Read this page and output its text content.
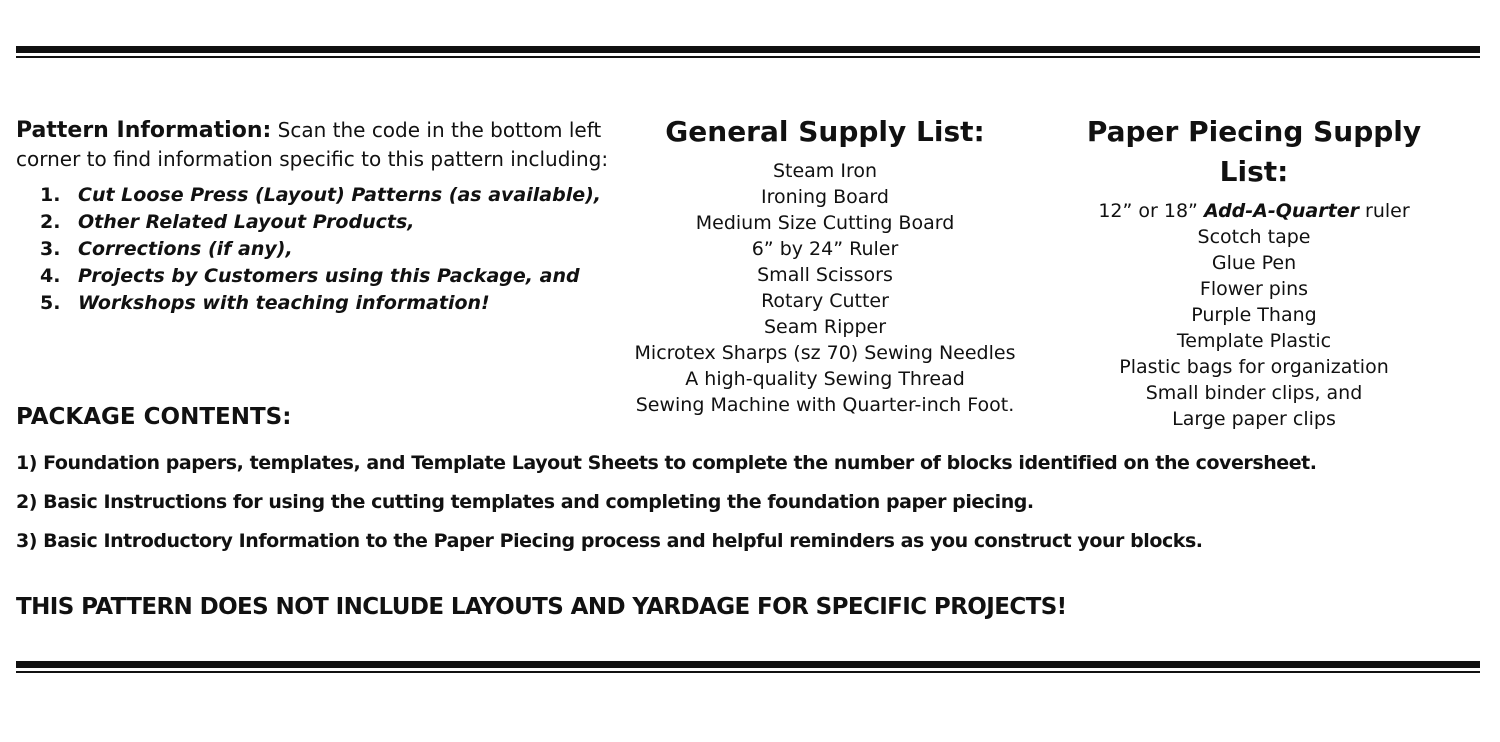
Pattern Information: Scan the code in the bottom left corner to find information specific to this pattern including:
1. Cut Loose Press (Layout) Patterns (as available),
2. Other Related Layout Products,
3. Corrections (if any),
4. Projects by Customers using this Package, and
5. Workshops with teaching information!
General Supply List:
Steam Iron
Ironing Board
Medium Size Cutting Board
6” by 24” Ruler
Small Scissors
Rotary Cutter
Seam Ripper
Microtex Sharps (sz 70) Sewing Needles
A high-quality Sewing Thread
Sewing Machine with Quarter-inch Foot.
Paper Piecing Supply List:
12” or 18” Add-A-Quarter ruler
Scotch tape
Glue Pen
Flower pins
Purple Thang
Template Plastic
Plastic bags for organization
Small binder clips, and
Large paper clips
PACKAGE CONTENTS:
1) Foundation papers, templates, and Template Layout Sheets to complete the number of blocks identified on the coversheet.
2) Basic Instructions for using the cutting templates and completing the foundation paper piecing.
3) Basic Introductory Information to the Paper Piecing process and helpful reminders as you construct your blocks.
THIS PATTERN DOES NOT INCLUDE LAYOUTS AND YARDAGE FOR SPECIFIC PROJECTS!
